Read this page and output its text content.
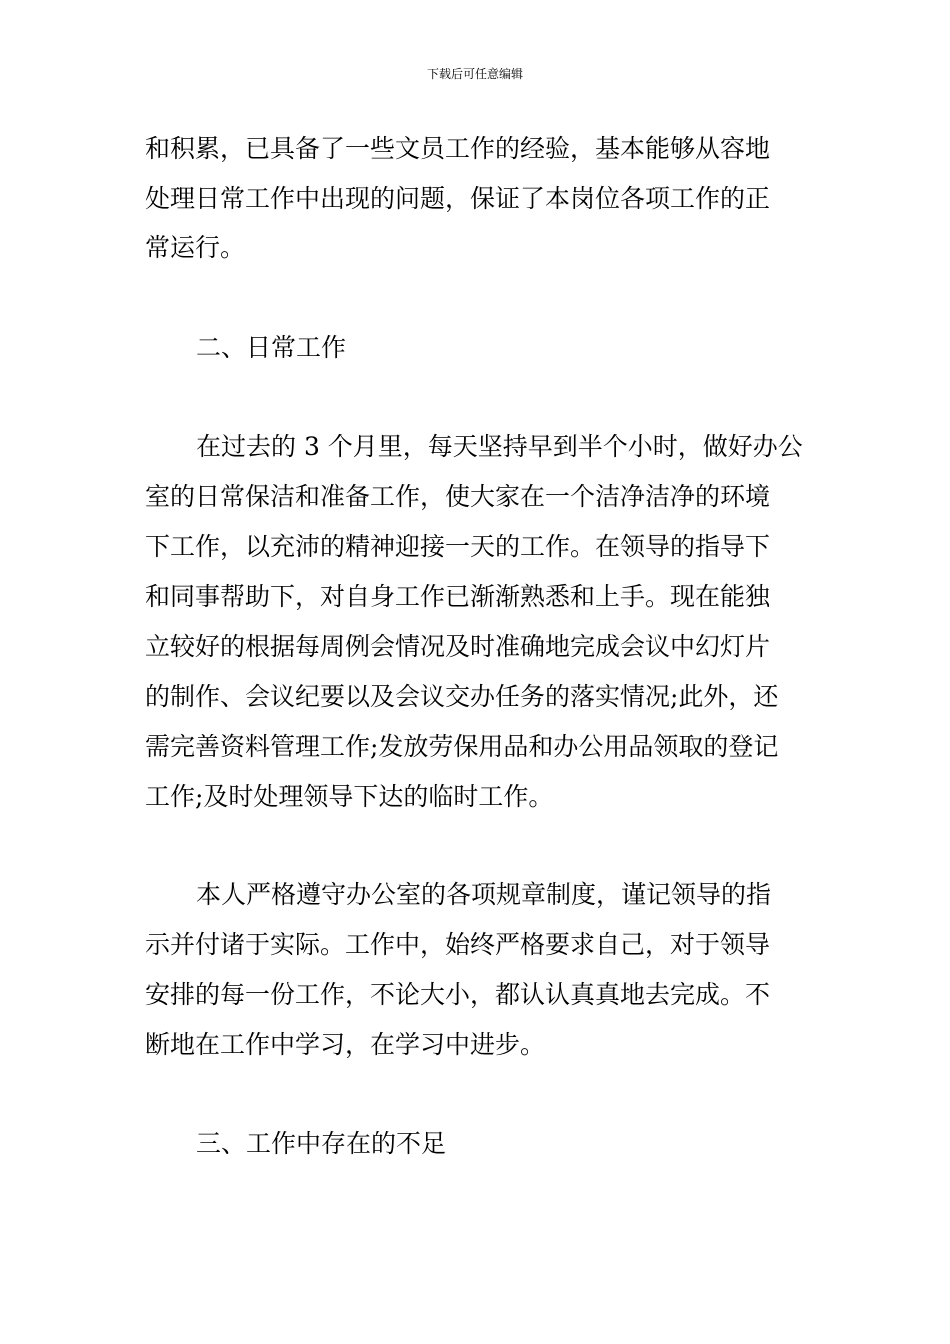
下载后可任意编辑
和积累，已具备了一些文员工作的经验，基本能够从容地
处理日常工作中出现的问题，保证了本岗位各项工作的正
常运行。
二、日常工作
在过去的 3 个月里，每天坚持早到半个小时，做好办公
室的日常保洁和准备工作，使大家在一个洁净洁净的环境
下工作，以充沛的精神迎接一天的工作。在领导的指导下
和同事帮助下，对自身工作已渐渐熟悉和上手。现在能独
立较好的根据每周例会情况及时准确地完成会议中幻灯片
的制作、会议纪要以及会议交办任务的落实情况;此外，还
需完善资料管理工作;发放劳保用品和办公用品领取的登记
工作;及时处理领导下达的临时工作。
本人严格遵守办公室的各项规章制度，谨记领导的指
示并付诸于实际。工作中，始终严格要求自己，对于领导
安排的每一份工作，不论大小，都认认真真地去完成。不
断地在工作中学习，在学习中进步。
三、工作中存在的不足
